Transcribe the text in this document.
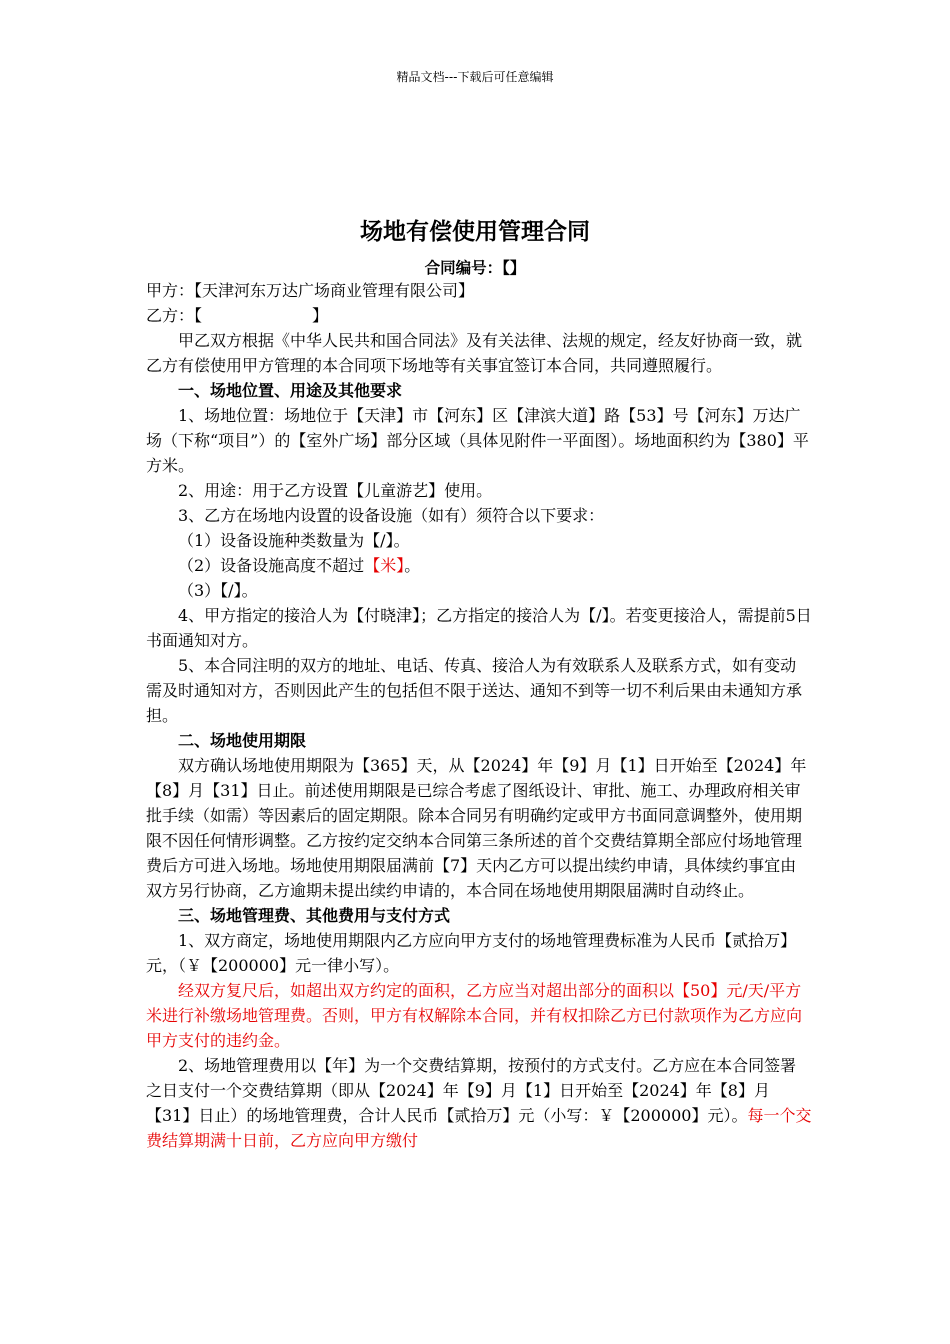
精品文档---下载后可任意编辑
场地有偿使用管理合同
合同编号：【】

甲方：【天津河东万达广场商业管理有限公司】

乙方：【	】

甲乙双方根据《中华人民共和国合同法》及有关法律、法规的规定，经友好协商一致，就乙方有偿使用甲方管理的本合同项下场地等有关事宜签订本合同，共同遵照履行。

一、场地位置、用途及其他要求

1、场地位置：场地位于【天津】市【河东】区【津滨大道】路【53】号【河东】万达广场（下称“项目”）的【室外广场】部分区域（具体见附件一平面图）。场地面积约为【380】平方米。

2、用途：用于乙方设置【儿童游艺】使用。

3、乙方在场地内设置的设备设施（如有）须符合以下要求：

（1）设备设施种类数量为【/】。

（2）设备设施高度不超过【米】。

（3）【/】。

4、甲方指定的接洽人为【付晓津】；乙方指定的接洽人为【/】。若变更接洽人，需提前5日书面通知对方。

5、本合同注明的双方的地址、电话、传真、接洽人为有效联系人及联系方式，如有变动需及时通知对方，否则因此产生的包括但不限于送达、通知不到等一切不利后果由未通知方承担。

二、场地使用期限

双方确认场地使用期限为【365】天，从【2024】年【9】月【1】日开始至【2024】年【8】月【31】日止。前述使用期限是已综合考虑了图纸设计、审批、施工、办理政府相关审批手续（如需）等因素后的固定期限。除本合同另有明确约定或甲方书面同意调整外，使用期限不因任何情形调整。乙方按约定交纳本合同第三条所述的首个交费结算期全部应付场地管理费后方可进入场地。场地使用期限届满前【7】天内乙方可以提出续约申请，具体续约事宜由双方另行协商，乙方逾期未提出续约申请的，本合同在场地使用期限届满时自动终止。

三、场地管理费、其他费用与支付方式

1、双方商定，场地使用期限内乙方应向甲方支付的场地管理费标准为人民币【贰拾万】元，（￥【200000】元一律小写）。

经双方复尺后，如超出双方约定的面积，乙方应当对超出部分的面积以【50】元/天/平方米进行补缴场地管理费。否则，甲方有权解除本合同，并有权扣除乙方已付款项作为乙方应向甲方支付的违约金。

2、场地管理费用以【年】为一个交费结算期，按预付的方式支付。乙方应在本合同签署之日支付一个交费结算期（即从【2024】年【9】月【1】日开始至【2024】年【8】月【31】日止）的场地管理费，合计人民币【贰拾万】元（小写：￥【200000】元）。每一个交费结算期满十日前，乙方应向甲方缴付
